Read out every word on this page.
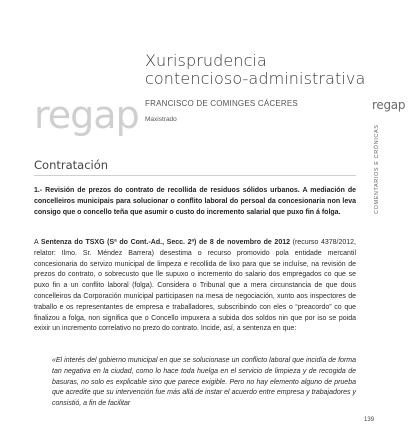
Xurisprudencia
contencioso-administrativa
regap FRANCISCO DE COMINGES CÁCERES
Maxistrado
regap
COMENTARIOS E CRÓNICAS
Contratación
1.- Revisión de prezos do contrato de recollida de residuos sólidos urbanos. A mediación de concelleiros municipais para solucionar o conflito laboral do persoal da concesionaria non leva consigo que o concello teña que asumir o custo do incremento salarial que puxo fin á folga.
A Sentenza do TSXG (Sª do Cont.-Ad., Secc. 2ª) de 8 de novembro de 2012 (recurso 4378/2012, relator: Ilmo. Sr. Méndez Barrera) desestima o recurso promovido pola entidade mercantil concesionaria do servizo municipal de limpeza e recollida de lixo para que se incluíse, na revisión de prezos do contrato, o sobrecusto que lle supuxo o incremento do salario dos empregados co que se puxo fin a un conflito laboral (folga). Considera o Tribunal que a mera circunstancia de que dous concelleiros da Corporación municipal participasen na mesa de negociación, xunto aos inspectores de traballo e os representantes de empresa e traballadores, subscribindo con eles o “preacordo” co que finalizou a folga, non significa que o Concello impuxera a subida dos soldos nin que por iso se poida exixir un incremento correlativo no prezo do contrato. Incide, así, a sentenza en que:
«El interés del gobierno municipal en que se solucionase un conflicto laboral que incidía de forma tan negativa en la ciudad, como lo hace toda huelga en el servicio de limpieza y de recogida de basuras, no solo es explicable sino que parece exigible. Pero no hay elemento alguno de prueba que acredite que su intervención fue más allá de instar el acuerdo entre empresa y trabajadores y consistió, a fin de facilitar
139
